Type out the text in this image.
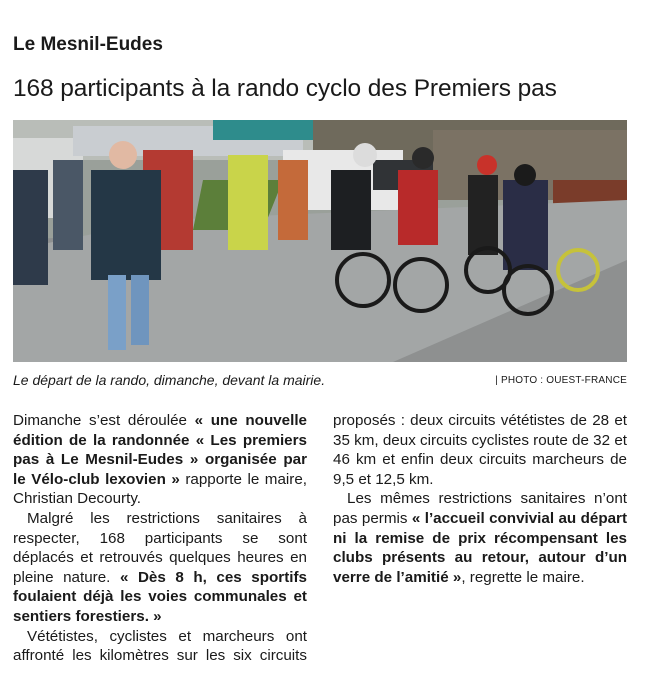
Le Mesnil-Eudes
168 participants à la rando cyclo des Premiers pas

Le départ de la rando, dimanche, devant la mairie.	| PHOTO : OUEST-FRANCE

Dimanche s’est déroulée « une nouvelle édition de la randonnée « Les premiers pas à Le Mesnil-Eudes » organisée par le Vélo-club lexovien » rapporte le maire, Christian Decourty.

Malgré les restrictions sanitaires à respecter, 168 participants se sont déplacés et retrouvés quelques heures en pleine nature. « Dès 8 h, ces sportifs foulaient déjà les voies communales et sentiers forestiers. »

Vététistes, cyclistes et marcheurs ont affronté les kilomètres sur les six circuits

proposés : deux circuits vététistes de 28 et 35 km, deux circuits cyclistes route de 32 et 46 km et enfin deux circuits marcheurs de 9,5 et 12,5 km.

Les mêmes restrictions sanitaires n’ont pas permis « l’accueil convivial au départ ni la remise de prix récompensant les clubs présents au retour, autour d’un verre de l’amitié », regrette le maire.
